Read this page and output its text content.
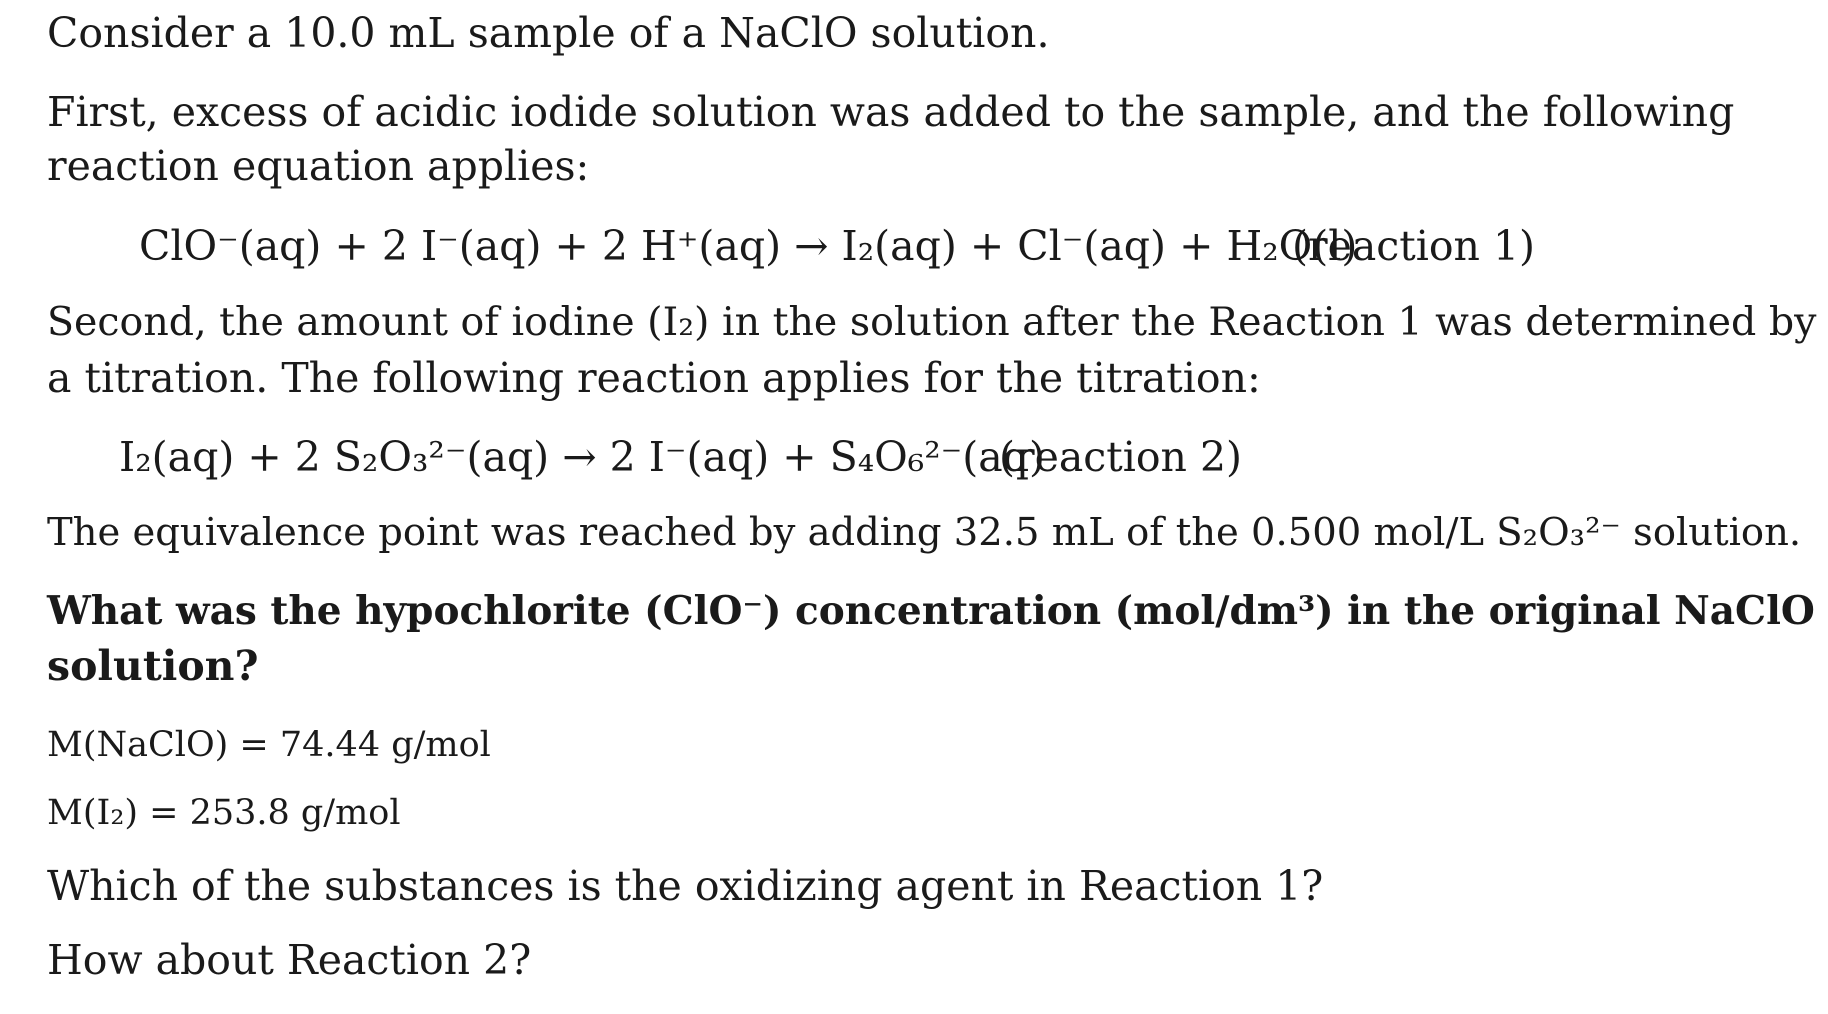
Consider a 10.0 mL sample of a NaClO solution.
First, excess of acidic iodide solution was added to the sample, and the following
reaction equation applies:
ClO⁻(aq) + 2 I⁻(aq) + 2 H⁺(aq) → I₂(aq) + Cl⁻(aq) + H₂O(l)
(reaction 1)
Second, the amount of iodine (I₂) in the solution after the Reaction 1 was determined by
a titration. The following reaction applies for the titration:
I₂(aq) + 2 S₂O₃²⁻(aq) → 2 I⁻(aq) + S₄O₆²⁻(aq)
(reaction 2)
The equivalence point was reached by adding 32.5 mL of the 0.500 mol/L S₂O₃²⁻ solution.
What was the hypochlorite (ClO⁻) concentration (mol/dm³) in the original NaClO
solution?
M(NaClO) = 74.44 g/mol
M(I₂) = 253.8 g/mol
Which of the substances is the oxidizing agent in Reaction 1?
How about Reaction 2?
